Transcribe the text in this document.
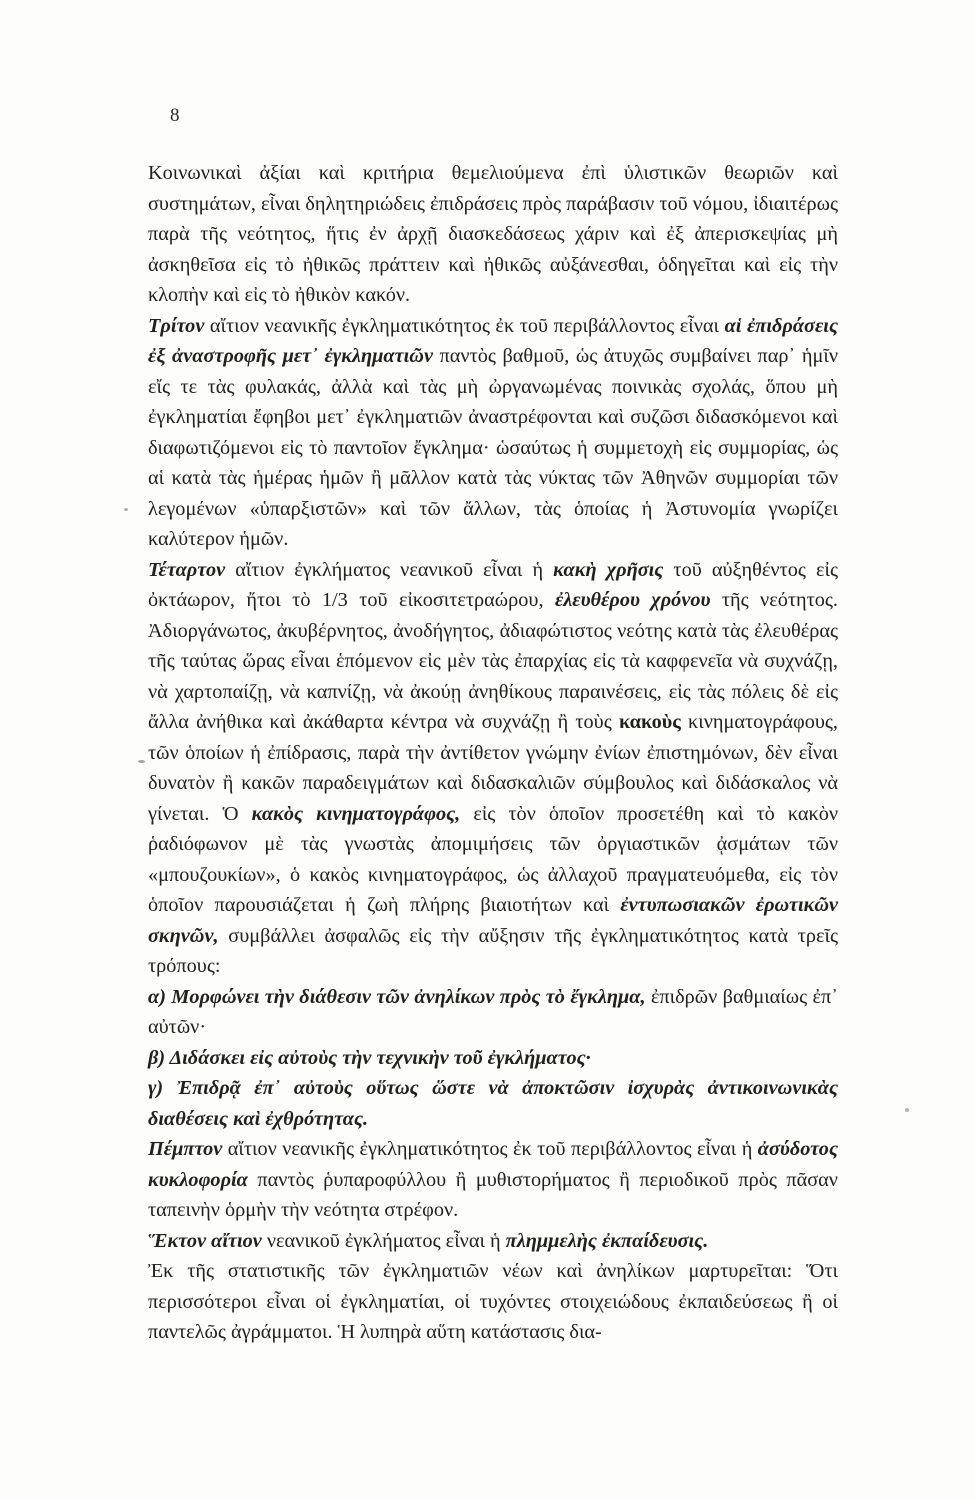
8

Κοινωνικαὶ ἀξίαι καὶ κριτήρια θεμελιούμενα ἐπὶ ὑλιστικῶν θεωριῶν καὶ συστημάτων, εἶναι δηλητηριώδεις ἐπιδράσεις πρὸς παράβασιν τοῦ νόμου, ἰδιαιτέρως παρὰ τῆς νεότητος, ἥτις ἐν ἀρχῇ διασκεδάσεως χάριν καὶ ἐξ ἀπερισκεψίας μὴ ἀσκηθεῖσα εἰς τὸ ἠθικῶς πράττειν καὶ ἠθικῶς αὐξάνεσθαι, ὁδηγεῖται καὶ εἰς τὴν κλοπὴν καὶ εἰς τὸ ἠθικὸν κακόν.

Τρίτον αἴτιον νεανικῆς ἐγκληματικότητος ἐκ τοῦ περιβάλλοντος εἶναι αἱ ἐπιδράσεις ἐξ ἀναστροφῆς μετ᾽ ἐγκληματιῶν παντὸς βαθμοῦ, ὡς ἀτυχῶς συμβαίνει παρ᾽ ἡμῖν εἴς τε τὰς φυλακάς, ἀλλὰ καὶ τὰς μὴ ὠργανωμένας ποινικὰς σχολάς, ὅπου μὴ ἐγκληματίαι ἔφηβοι μετ᾽ ἐγκληματιῶν ἀναστρέφονται καὶ συζῶσι διδασκόμενοι καὶ διαφωτιζόμενοι εἰς τὸ παντοῖον ἔγκλημα· ὡσαύτως ἡ συμμετοχὴ εἰς συμμορίας, ὡς αἱ κατὰ τὰς ἡμέρας ἡμῶν ἢ μᾶλλον κατὰ τὰς νύκτας τῶν Ἀθηνῶν συμμορίαι τῶν λεγομένων «ὑπαρξιστῶν» καὶ τῶν ἄλλων, τὰς ὁποίας ἡ Ἀστυνομία γνωρίζει καλύτερον ἡμῶν.

Τέταρτον αἴτιον ἐγκλήματος νεανικοῦ εἶναι ἡ κακὴ χρῆσις τοῦ αὐξηθέντος εἰς ὀκτάωρον, ἤτοι τὸ 1/3 τοῦ εἰκοσιτετραώρου, ἐλευθέρου χρόνου τῆς νεότητος. Ἀδιοργάνωτος, ἀκυβέρνητος, ἀνοδήγητος, ἀδιαφώτιστος νεότης κατὰ τὰς ἐλευθέρας τῆς ταύτας ὥρας εἶναι ἑπόμενον εἰς μὲν τὰς ἐπαρχίας εἰς τὰ καφφενεῖα νὰ συχνάζῃ, νὰ χαρτοπαίζῃ, νὰ καπνίζῃ, νὰ ἀκούῃ ἀνηθίκους παραινέσεις, εἰς τὰς πόλεις δὲ εἰς ἄλλα ἀνήθικα καὶ ἀκάθαρτα κέντρα νὰ συχνάζῃ ἢ τοὺς κακοὺς κινηματογράφους, τῶν ὁποίων ἡ ἐπίδρασις, παρὰ τὴν ἀντίθετον γνώμην ἐνίων ἐπιστημόνων, δὲν εἶναι δυνατὸν ἢ κακῶν παραδειγμάτων καὶ διδασκαλιῶν σύμβουλος καὶ διδάσκαλος νὰ γίνεται. Ὁ κακὸς κινηματογράφος, εἰς τὸν ὁποῖον προσετέθη καὶ τὸ κακὸν ῥαδιόφωνον μὲ τὰς γνωστὰς ἀπομιμήσεις τῶν ὀργιαστικῶν ᾀσμάτων τῶν «μπουζουκίων», ὁ κακὸς κινηματογράφος, ὡς ἀλλαχοῦ πραγματευόμεθα, εἰς τὸν ὁποῖον παρουσιάζεται ἡ ζωὴ πλήρης βιαιοτήτων καὶ ἐντυπωσιακῶν ἐρωτικῶν σκηνῶν, συμβάλλει ἀσφαλῶς εἰς τὴν αὔξησιν τῆς ἐγκληματικότητος κατὰ τρεῖς τρόπους:

α) Μορφώνει τὴν διάθεσιν τῶν ἀνηλίκων πρὸς τὸ ἔγκλημα, ἐπιδρῶν βαθμιαίως ἐπ᾽ αὐτῶν·

β) Διδάσκει εἰς αὐτοὺς τὴν τεχνικὴν τοῦ ἐγκλήματος·

γ) Ἐπιδρᾷ ἐπ᾽ αὐτοὺς οὕτως ὥστε νὰ ἀποκτῶσιν ἰσχυρὰς ἀντικοινωνικὰς διαθέσεις καὶ ἐχθρότητας.

Πέμπτον αἴτιον νεανικῆς ἐγκληματικότητος ἐκ τοῦ περιβάλλοντος εἶναι ἡ ἀσύδοτος κυκλοφορία παντὸς ῥυπαροφύλλου ἢ μυθιστορήματος ἢ περιοδικοῦ πρὸς πᾶσαν ταπεινὴν ὁρμὴν τὴν νεότητα στρέφον.

Ἕκτον αἴτιον νεανικοῦ ἐγκλήματος εἶναι ἡ πλημμελὴς ἐκπαίδευσις.

Ἐκ τῆς στατιστικῆς τῶν ἐγκληματιῶν νέων καὶ ἀνηλίκων μαρτυρεῖται: Ὅτι περισσότεροι εἶναι οἱ ἐγκληματίαι, οἱ τυχόντες στοιχειώδους ἐκπαιδεύσεως ἢ οἱ παντελῶς ἀγράμματοι. Ἡ λυπηρὰ αὕτη κατάστασις δια-
